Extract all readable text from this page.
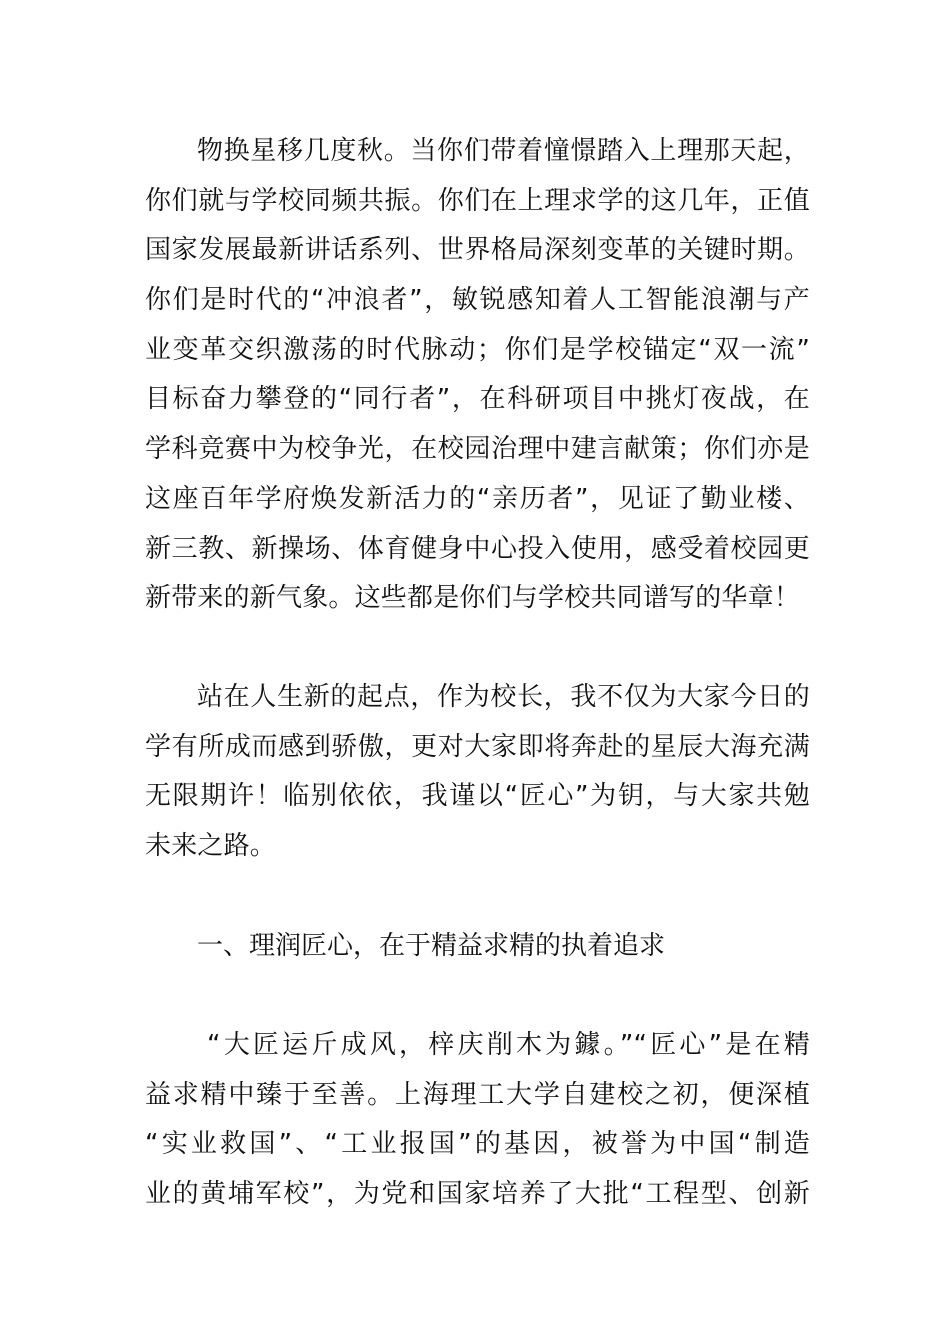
物换星移几度秋。当你们带着憧憬踏入上理那天起，
你们就与学校同频共振。你们在上理求学的这几年，正值
国家发展最新讲话系列、世界格局深刻变革的关键时期。
你们是时代的“冲浪者”，敏锐感知着人工智能浪潮与产
业变革交织激荡的时代脉动；你们是学校锚定“双一流”
目标奋力攀登的“同行者”，在科研项目中挑灯夜战，在
学科竞赛中为校争光，在校园治理中建言献策；你们亦是
这座百年学府焕发新活力的“亲历者”，见证了勤业楼、
新三教、新操场、体育健身中心投入使用，感受着校园更
新带来的新气象。这些都是你们与学校共同谱写的华章！
站在人生新的起点，作为校长，我不仅为大家今日的
学有所成而感到骄傲，更对大家即将奔赴的星辰大海充满
无限期许！临别依依，我谨以“匠心”为钥，与大家共勉
未来之路。
一、理润匠心，在于精益求精的执着追求
“大匠运斤成风，梓庆削木为鐻。”“匠心”是在精
益求精中臻于至善。上海理工大学自建校之初，便深植
“实业救国”、“工业报国”的基因，被誉为中国“制造
业的黄埔军校”，为党和国家培养了大批“工程型、创新
